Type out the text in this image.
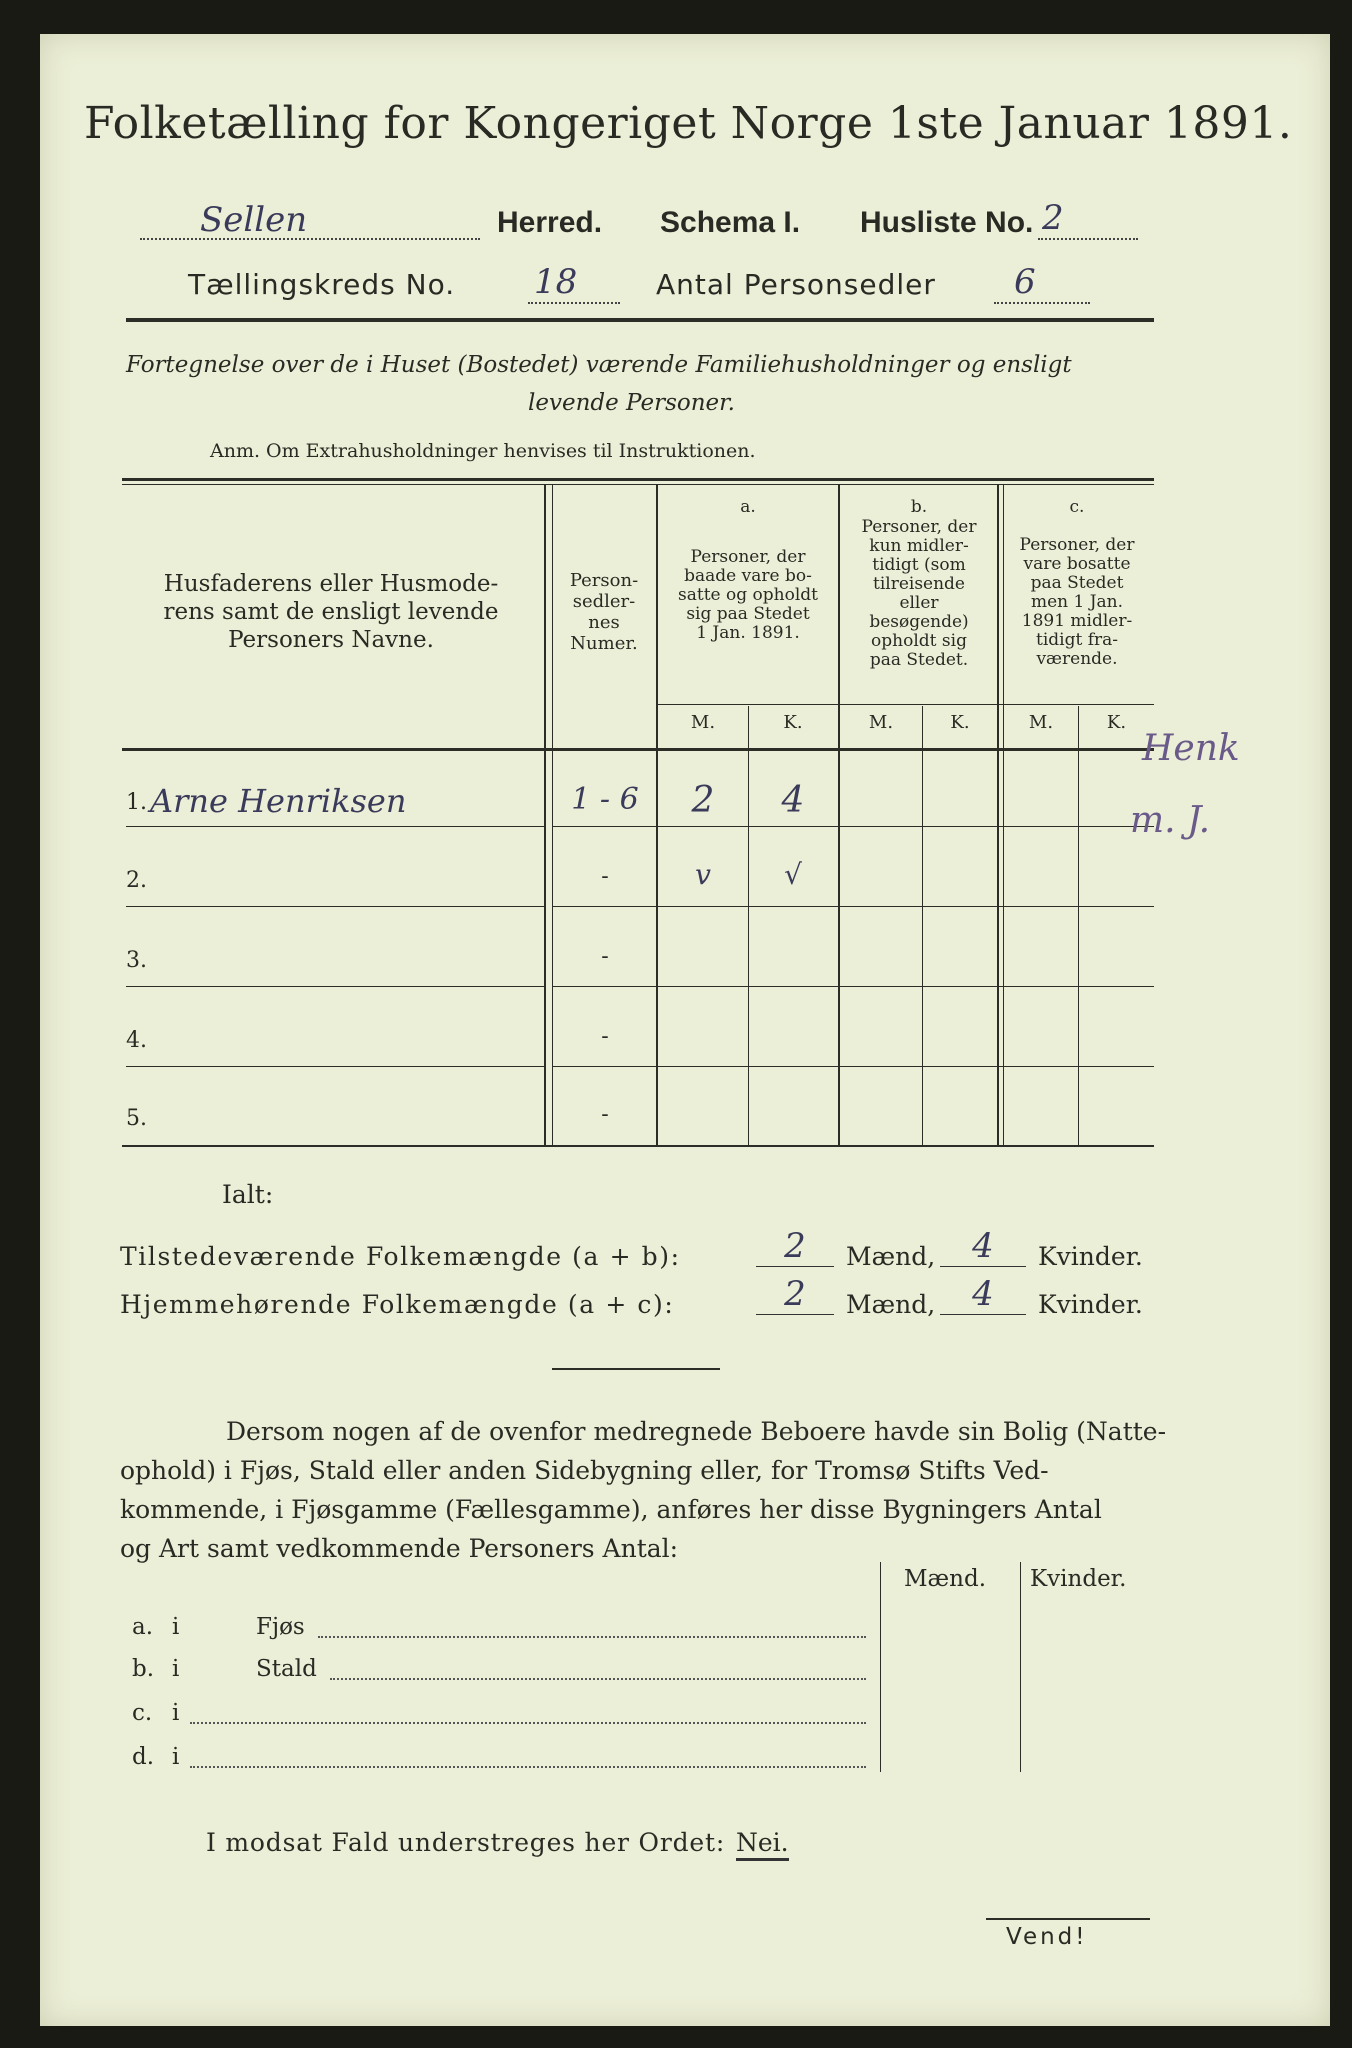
Folketælling for Kongeriget Norge 1ste Januar 1891.
Sellen	Herred. Schema I. Husliste No. 2
Tællingskreds No. 18	Antal Personsedler 6
Fortegnelse over de i Huset (Bostedet) værende Familiehusholdninger og ensligt
levende Personer.
Anm. Om Extrahusholdninger henvises til Instruktionen.
Husfaderens eller Husmode-
rens samt de ensligt levende
Personers Navne.
Person-
sedler-
nes
Numer.
a.
Personer, der
baade vare bo-
satte og opholdt
sig paa Stedet
1 Jan. 1891.
b.
Personer, der
kun midler-
tidigt (som
tilreisende
eller
besøgende)
opholdt sig
paa Stedet.
c.
Personer, der
vare bosatte
paa Stedet
men 1 Jan.
1891 midler-
tidigt fra-
værende.
M.	K.	M.	K.	M.	K.
1. Arne Henriksen	1 - 6	2	4
2.	-	v	√
3.	-
4.	-
5.	-
Henk
m. J.
Ialt:
Tilstedeværende Folkemængde (a + b):	2	Mænd,	4	Kvinder.
Hjemmehørende Folkemængde (a + c):	2	Mænd,	4	Kvinder.
Dersom nogen af de ovenfor medregnede Beboere havde sin Bolig (Natte-
ophold) i Fjøs, Stald eller anden Sidebygning eller, for Tromsø Stifts Ved-
kommende, i Fjøsgamme (Fællesgamme), anføres her disse Bygningers Antal
og Art samt vedkommende Personers Antal:
Mænd. Kvinder.
a. i	Fjøs
b. i	Stald
c. i
d. i
I modsat Fald understreges her Ordet: Nei.
Vend!
